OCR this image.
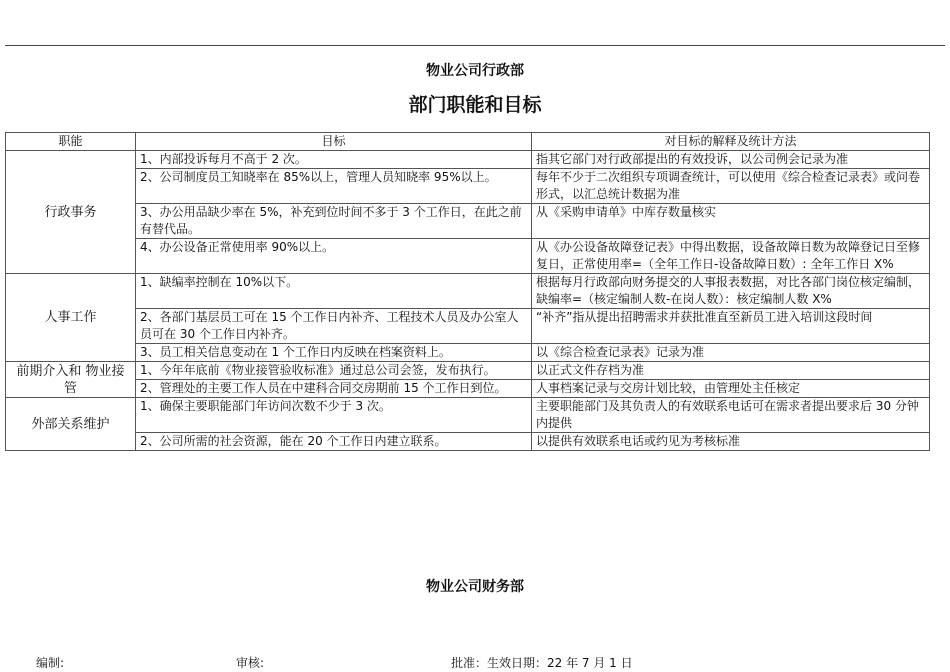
物业公司行政部
部门职能和目标
职能	目标	对目标的解释及统计方法
行政事务	1、内部投诉每月不高于 2 次。	指其它部门对行政部提出的有效投诉，以公司例会记录为准
	2、公司制度员工知晓率在 85%以上，管理人员知晓率 95%以上。	每年不少于二次组织专项调查统计，可以使用《综合检查记录表》或问卷形式，以汇总统计数据为准
	3、办公用品缺少率在 5%，补充到位时间不多于 3 个工作日，在此之前有替代品。	从《采购申请单》中库存数量核实
	4、办公设备正常使用率 90%以上。	从《办公设备故障登记表》中得出数据，设备故障日数为故障登记日至修复日，正常使用率=（全年工作日-设备故障日数）: 全年工作日 X%
人事工作	1、缺编率控制在 10%以下。	根据每月行政部向财务提交的人事报表数据，对比各部门岗位核定编制，缺编率=（核定编制人数-在岗人数）：核定编制人数 X%
	2、各部门基层员工可在 15 个工作日内补齐、工程技术人员及办公室人员可在 30 个工作日内补齐。	“补齐”指从提出招聘需求并获批准直至新员工进入培训这段时间
	3、员工相关信息变动在 1 个工作日内反映在档案资料上。	以《综合检查记录表》记录为准
前期介入和 物业接管	1、今年年底前《物业接管验收标准》通过总公司会签，发布执行。	以正式文件存档为准
	2、管理处的主要工作人员在中建科合同交房期前 15 个工作日到位。	人事档案记录与交房计划比较，由管理处主任核定
外部关系维护	1、确保主要职能部门年访问次数不少于 3 次。	主要职能部门及其负责人的有效联系电话可在需求者提出要求后 30 分钟内提供
	2、公司所需的社会资源，能在 20 个工作日内建立联系。	以提供有效联系电话或约见为考核标准
物业公司财务部
编制:	审核:	批准：生效日期：22 年 7 月 1 日
